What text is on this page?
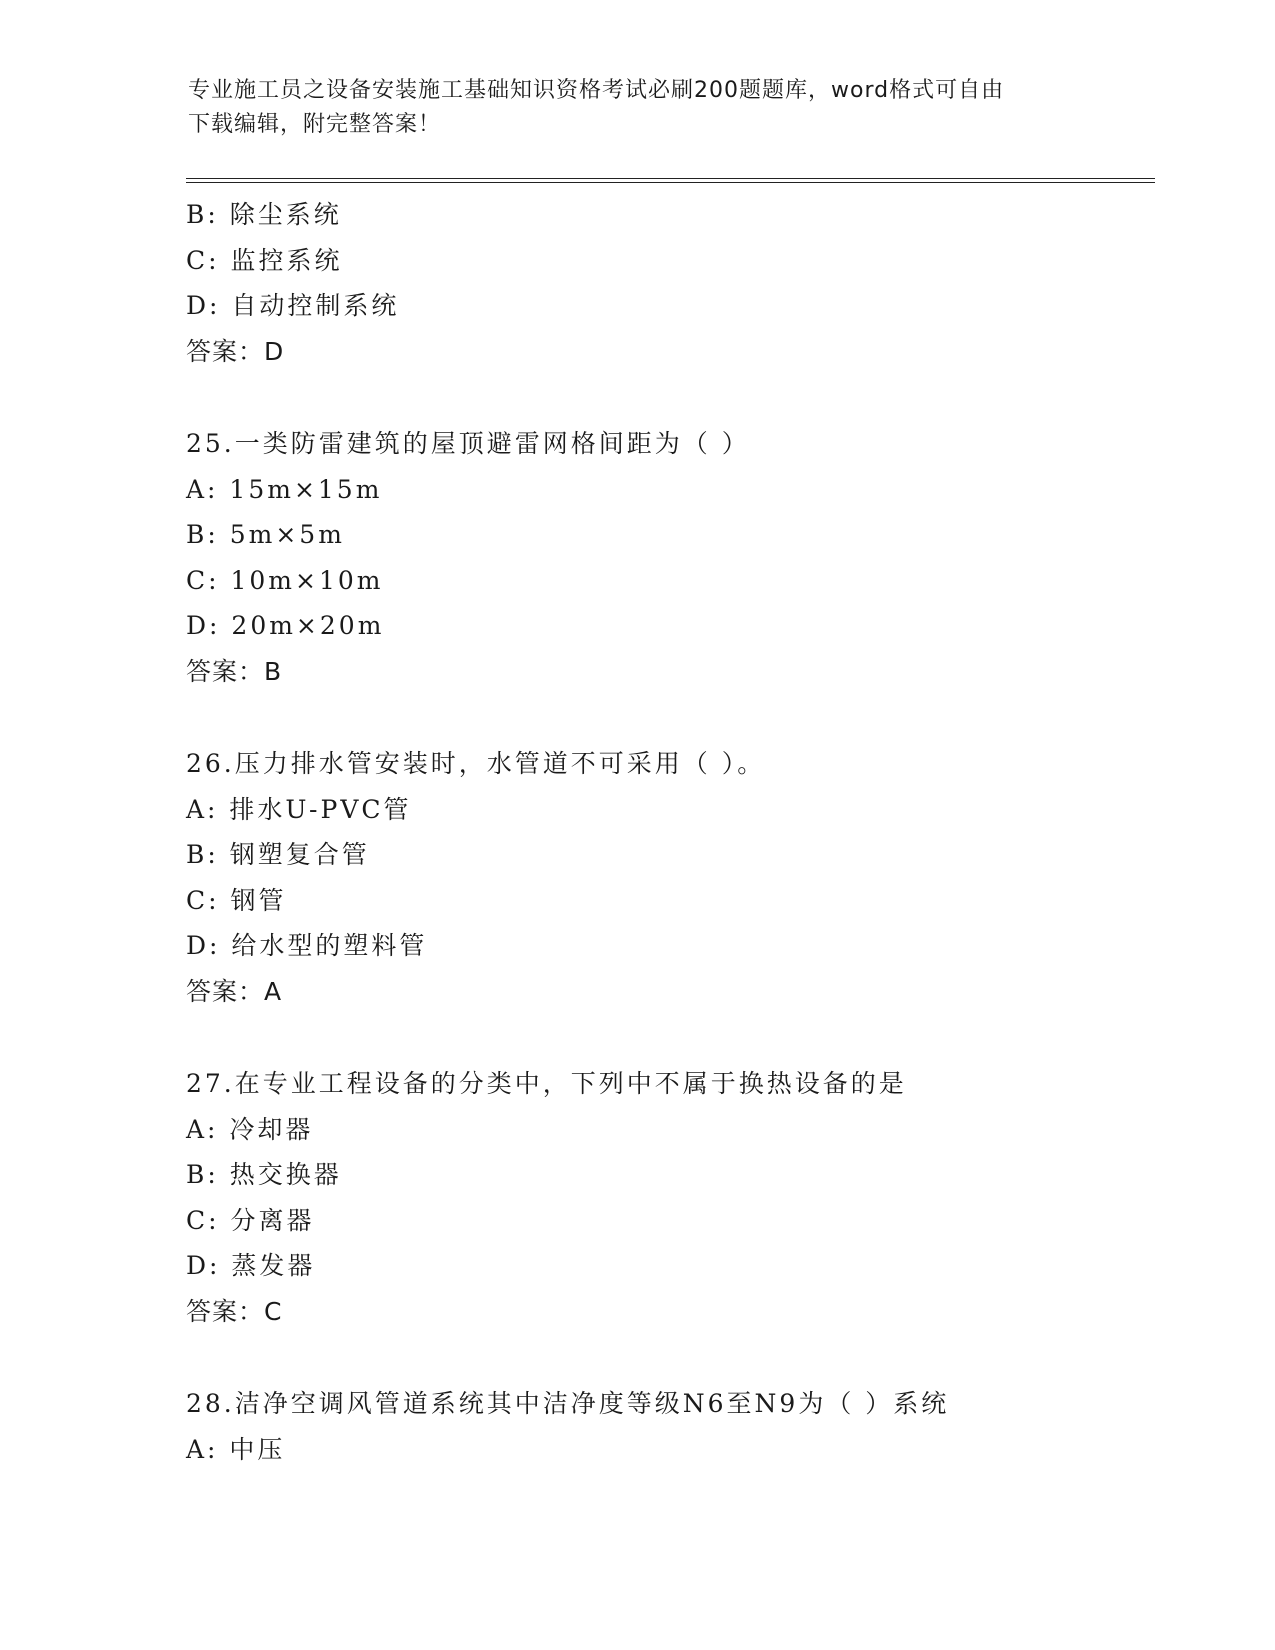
专业施工员之设备安装施工基础知识资格考试必刷200题题库，word格式可自由
下载编辑，附完整答案！
B: 除尘系统
C: 监控系统
D: 自动控制系统
答案：D
25.一类防雷建筑的屋顶避雷网格间距为（ ）
A: 15m×15m
B: 5m×5m
C: 10m×10m
D: 20m×20m
答案：B
26.压力排水管安装时，水管道不可采用（ ）。
A: 排水U-PVC管
B: 钢塑复合管
C: 钢管
D: 给水型的塑料管
答案：A
27.在专业工程设备的分类中，下列中不属于换热设备的是
A: 冷却器
B: 热交换器
C: 分离器
D: 蒸发器
答案：C
28.洁净空调风管道系统其中洁净度等级N6至N9为（ ）系统
A: 中压
